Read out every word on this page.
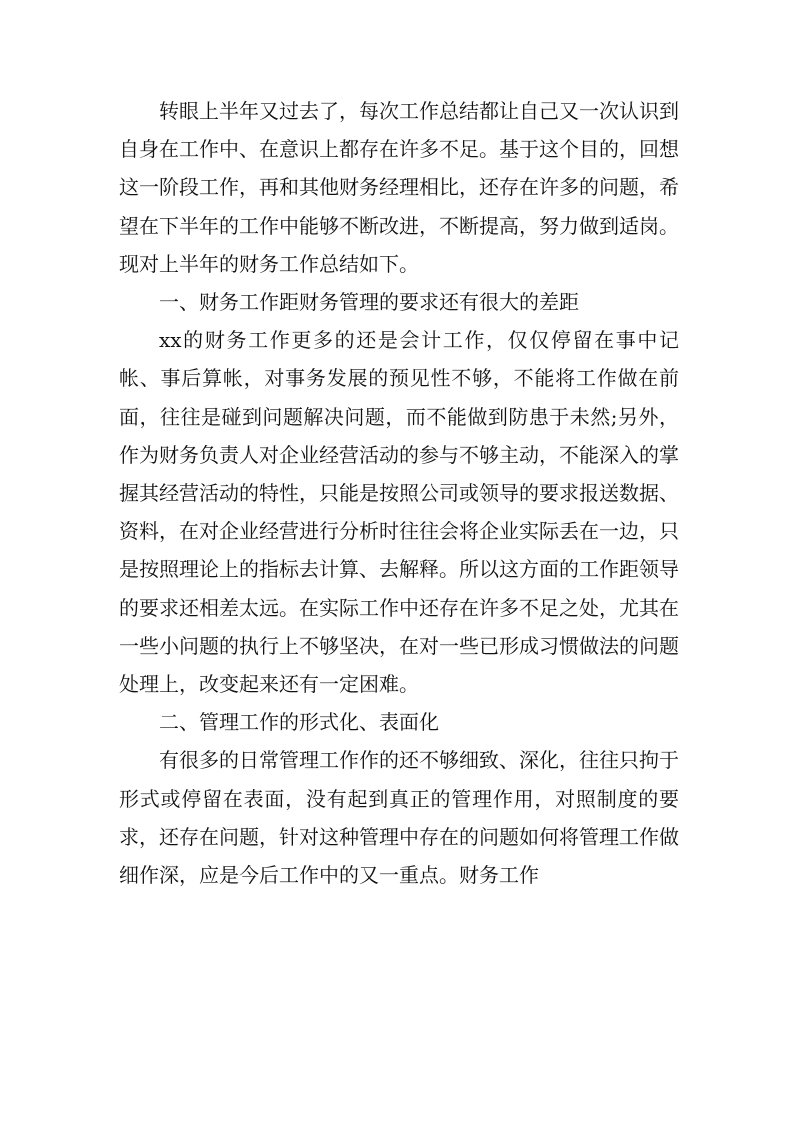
转眼上半年又过去了，每次工作总结都让自己又一次认识到自身在工作中、在意识上都存在许多不足。基于这个目的，回想这一阶段工作，再和其他财务经理相比，还存在许多的问题，希望在下半年的工作中能够不断改进，不断提高，努力做到适岗。现对上半年的财务工作总结如下。

一、财务工作距财务管理的要求还有很大的差距

xx的财务工作更多的还是会计工作，仅仅停留在事中记帐、事后算帐，对事务发展的预见性不够，不能将工作做在前面，往往是碰到问题解决问题，而不能做到防患于未然;另外，作为财务负责人对企业经营活动的参与不够主动，不能深入的掌握其经营活动的特性，只能是按照公司或领导的要求报送数据、资料，在对企业经营进行分析时往往会将企业实际丢在一边，只是按照理论上的指标去计算、去解释。所以这方面的工作距领导的要求还相差太远。在实际工作中还存在许多不足之处，尤其在一些小问题的执行上不够坚决，在对一些已形成习惯做法的问题处理上，改变起来还有一定困难。

二、管理工作的形式化、表面化

有很多的日常管理工作作的还不够细致、深化，往往只拘于形式或停留在表面，没有起到真正的管理作用，对照制度的要求，还存在问题，针对这种管理中存在的问题如何将管理工作做细作深，应是今后工作中的又一重点。财务工作
